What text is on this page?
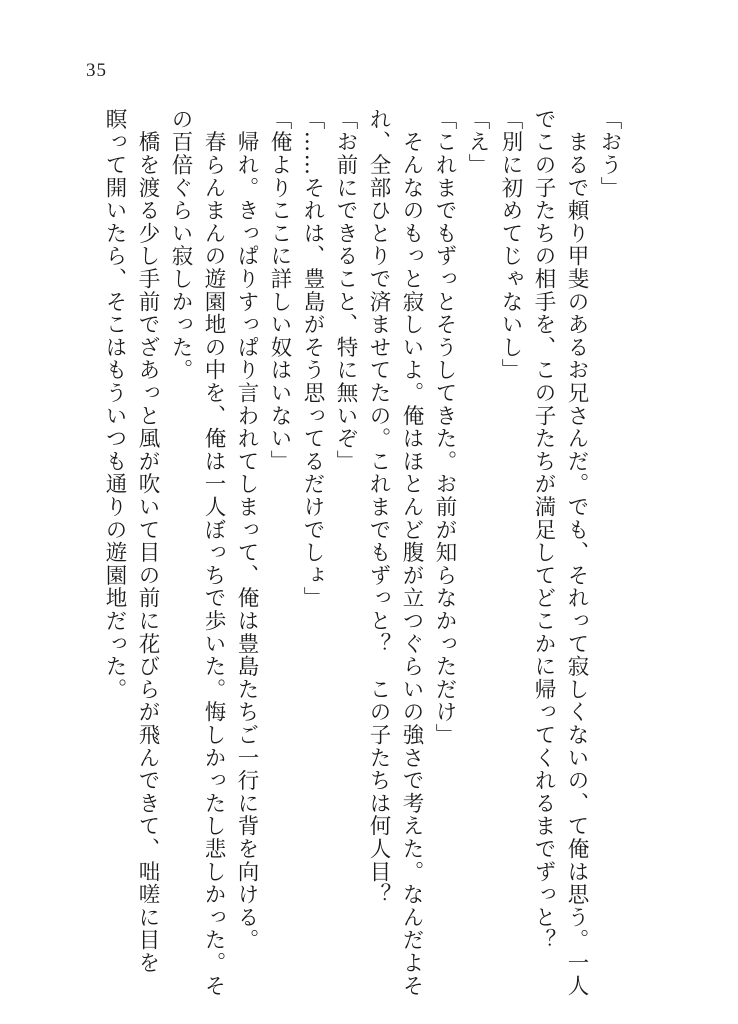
35
「おう」
　まるで頼り甲斐のあるお兄さんだ。でも、それって寂しくないの、て俺は思う。一人
でこの子たちの相手を、この子たちが満足してどこかに帰ってくれるまでずっと？
「別に初めてじゃないし」
「え」
「これまでもずっとそうしてきた。お前が知らなかっただけ」
　そんなのもっと寂しいよ。俺はほとんど腹が立つぐらいの強さで考えた。なんだよそ
れ、全部ひとりで済ませてたの。これまでもずっと？　この子たちは何人目？
「お前にできること、特に無いぞ」
「……それは、豊島がそう思ってるだけでしょ」
「俺よりここに詳しい奴はいない」
　帰れ。きっぱりすっぱり言われてしまって、俺は豊島たちご一行に背を向ける。
　春らんまんの遊園地の中を、俺は一人ぼっちで歩いた。悔しかったし悲しかった。そ
の百倍ぐらい寂しかった。
　橋を渡る少し手前でざあっと風が吹いて目の前に花びらが飛んできて、咄嗟に目を
瞑って開いたら、そこはもういつも通りの遊園地だった。
